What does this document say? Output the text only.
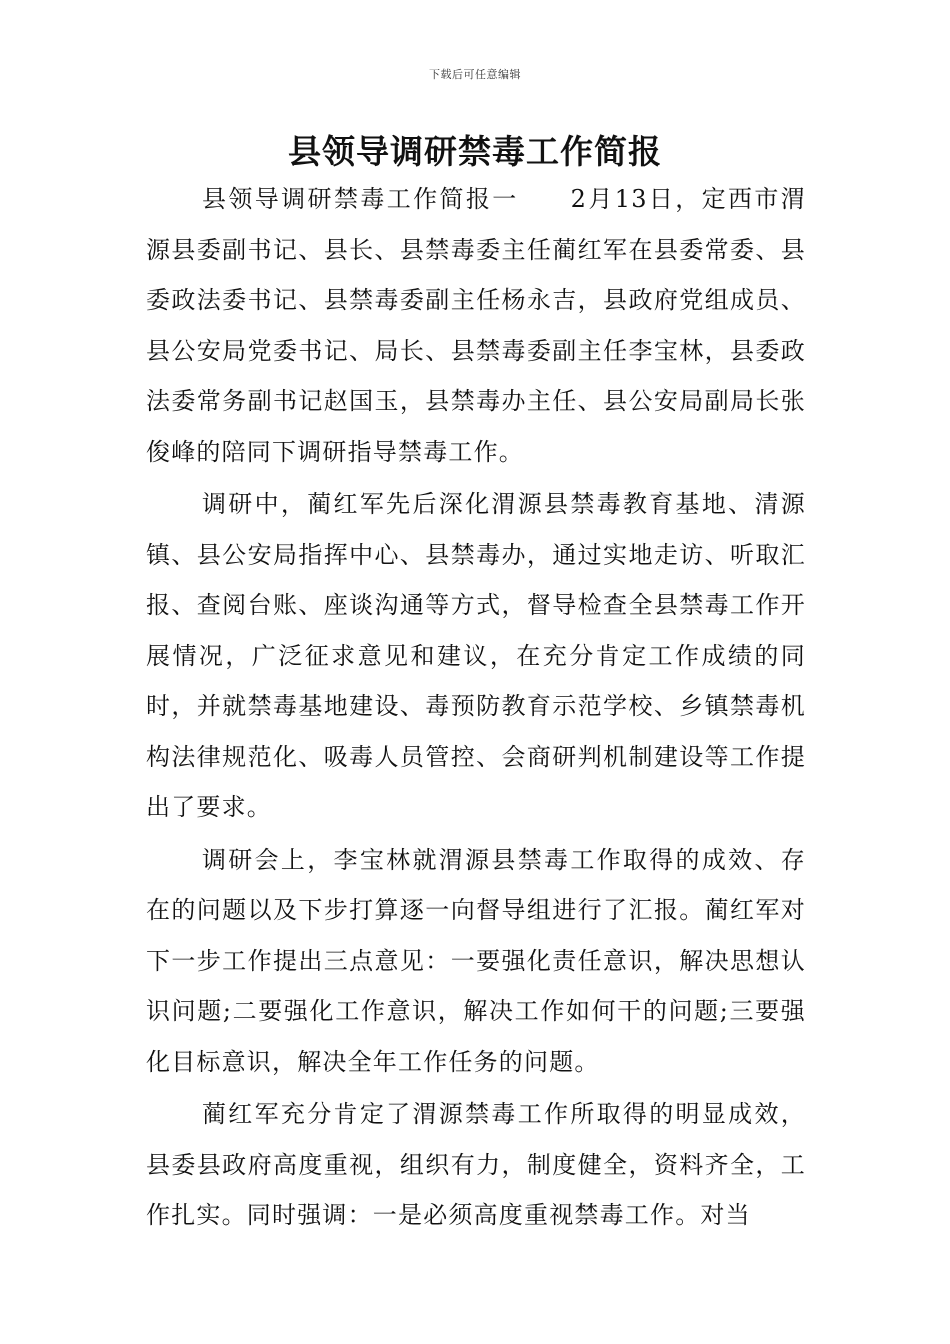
下载后可任意编辑
县领导调研禁毒工作简报

县领导调研禁毒工作简报一 2月13日，定西市渭源县委副书记、县长、县禁毒委主任蔺红军在县委常委、县委政法委书记、县禁毒委副主任杨永吉，县政府党组成员、县公安局党委书记、局长、县禁毒委副主任李宝林，县委政法委常务副书记赵国玉，县禁毒办主任、县公安局副局长张俊峰的陪同下调研指导禁毒工作。

调研中，蔺红军先后深化渭源县禁毒教育基地、清源镇、县公安局指挥中心、县禁毒办，通过实地走访、听取汇报、查阅台账、座谈沟通等方式，督导检查全县禁毒工作开展情况，广泛征求意见和建议，在充分肯定工作成绩的同时，并就禁毒基地建设、毒预防教育示范学校、乡镇禁毒机构法律规范化、吸毒人员管控、会商研判机制建设等工作提出了要求。

调研会上，李宝林就渭源县禁毒工作取得的成效、存在的问题以及下步打算逐一向督导组进行了汇报。蔺红军对下一步工作提出三点意见：一要强化责任意识，解决思想认识问题;二要强化工作意识，解决工作如何干的问题;三要强化目标意识，解决全年工作任务的问题。

蔺红军充分肯定了渭源禁毒工作所取得的明显成效，县委县政府高度重视，组织有力，制度健全，资料齐全，工作扎实。同时强调：一是必须高度重视禁毒工作。对当
